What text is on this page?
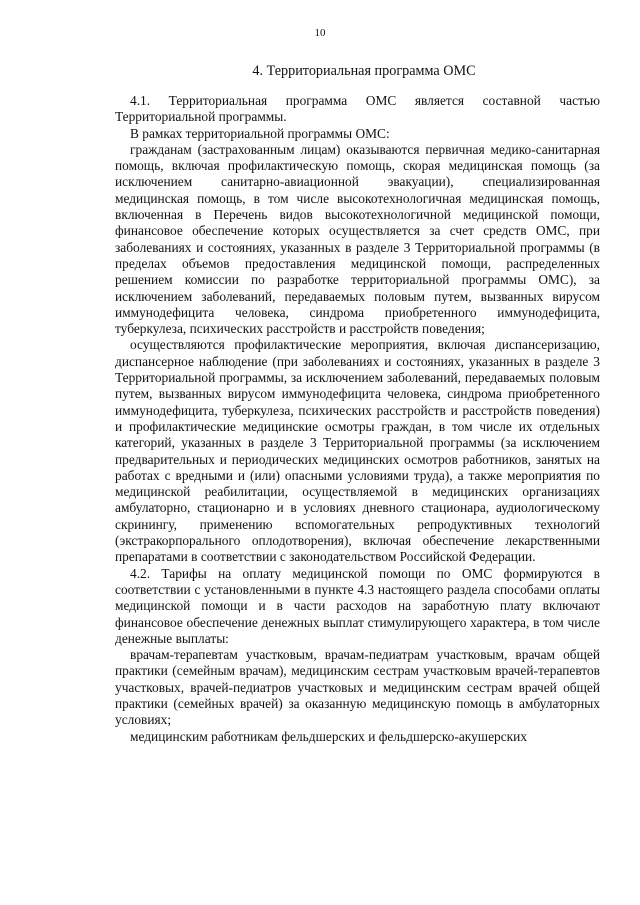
10
4. Территориальная программа ОМС

4.1. Территориальная программа ОМС является составной частью Территориальной программы.

В рамках территориальной программы ОМС:

гражданам (застрахованным лицам) оказываются первичная медико-санитарная помощь, включая профилактическую помощь, скорая медицинская помощь (за исключением санитарно-авиационной эвакуации), специализированная медицинская помощь, в том числе высокотехнологичная медицинская помощь, включенная в Перечень видов высокотехнологичной медицинской помощи, финансовое обеспечение которых осуществляется за счет средств ОМС, при заболеваниях и состояниях, указанных в разделе 3 Территориальной программы (в пределах объемов предоставления медицинской помощи, распределенных решением комиссии по разработке территориальной программы ОМС), за исключением заболеваний, передаваемых половым путем, вызванных вирусом иммунодефицита человека, синдрома приобретенного иммунодефицита, туберкулеза, психических расстройств и расстройств поведения;

осуществляются профилактические мероприятия, включая диспансеризацию, диспансерное наблюдение (при заболеваниях и состояниях, указанных в разделе 3 Территориальной программы, за исключением заболеваний, передаваемых половым путем, вызванных вирусом иммунодефицита человека, синдрома приобретенного иммунодефицита, туберкулеза, психических расстройств и расстройств поведения) и профилактические медицинские осмотры граждан, в том числе их отдельных категорий, указанных в разделе 3 Территориальной программы (за исключением предварительных и периодических медицинских осмотров работников, занятых на работах с вредными и (или) опасными условиями труда), а также мероприятия по медицинской реабилитации, осуществляемой в медицинских организациях амбулаторно, стационарно и в условиях дневного стационара, аудиологическому скринингу, применению вспомогательных репродуктивных технологий (экстракорпорального оплодотворения), включая обеспечение лекарственными препаратами в соответствии с законодательством Российской Федерации.

4.2. Тарифы на оплату медицинской помощи по ОМС формируются в соответствии с установленными в пункте 4.3 настоящего раздела способами оплаты медицинской помощи и в части расходов на заработную плату включают финансовое обеспечение денежных выплат стимулирующего характера, в том числе денежные выплаты:

врачам-терапевтам участковым, врачам-педиатрам участковым, врачам общей практики (семейным врачам), медицинским сестрам участковым врачей-терапевтов участковых, врачей-педиатров участковых и медицинским сестрам врачей общей практики (семейных врачей) за оказанную медицинскую помощь в амбулаторных условиях;

медицинским работникам фельдшерских и фельдшерско-акушерских
